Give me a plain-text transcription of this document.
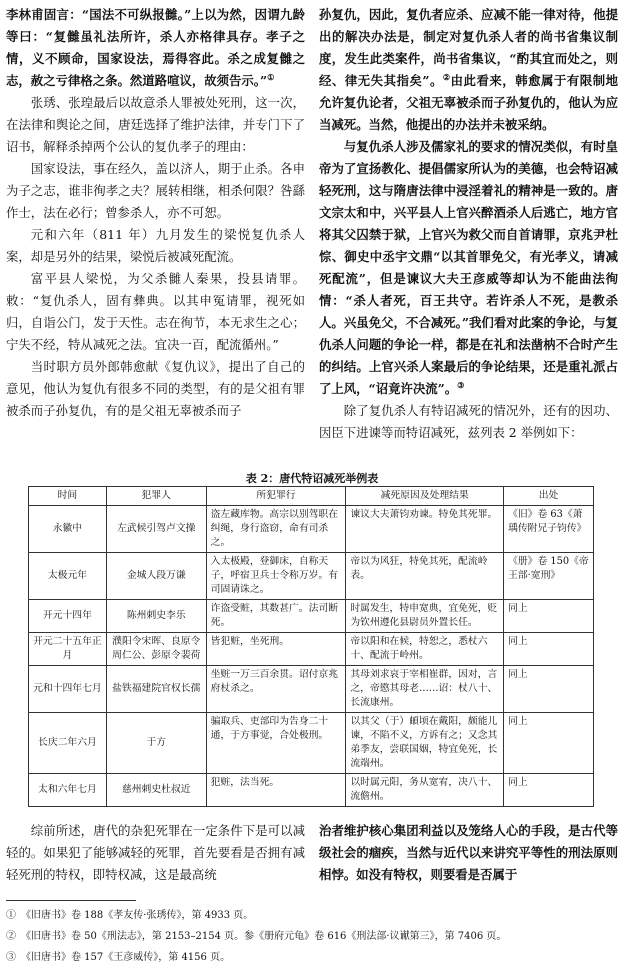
李林甫固言：“国法不可纵报雠。”上以为然，因谓九龄等曰：“复雠虽礼法所许，杀人亦格律具存。孝子之情，义不顾命，国家设法，焉得容此。杀之成复雠之志，赦之亏律格之条。然道路喧议，故须告示。”①

张琇、张瑝最后以故意杀人罪被处死刑，这一次，在法律和舆论之间，唐廷选择了维护法律，并专门下了诏书，解释杀掉两个公认的复仇孝子的理由：

国家设法，事在经久，盖以济人，期于止杀。各申为子之志，谁非徇孝之夫？展转相继，相杀何限？咎繇作士，法在必行；曾参杀人，亦不可恕。

元和六年（811 年）九月发生的梁悦复仇杀人案，却是另外的结果，梁悦后被减死配流。

富平县人梁悦，为父杀雠人秦果，投县请罪。敕：“复仇杀人，固有彝典。以其申冤请罪，视死如归，自诣公门，发于天性。志在徇节，本无求生之心；宁失不经，特从减死之法。宜决一百，配流循州。”

当时职方员外郎韩愈献《复仇议》，提出了自己的意见，他认为复仇有很多不同的类型，有的是父祖有罪被杀而子孙复仇，有的是父祖无辜被杀而子

孙复仇，因此，复仇者应杀、应减不能一律对待，他提出的解决办法是，制定对复仇杀人者的尚书省集议制度，发生此类案件，尚书省集议，“酌其宜而处之，则经、律无失其指矣”。②由此看来，韩愈属于有限制地允许复仇论者，父祖无辜被杀而子孙复仇的，他认为应当减死。当然，他提出的办法并未被采纳。

与复仇杀人涉及儒家礼的要求的情况类似，有时皇帝为了宣扬教化、提倡儒家所认为的美德，也会特诏减轻死刑，这与隋唐法律中浸淫着礼的精神是一致的。唐文宗太和中，兴平县人上官兴醉酒杀人后逃亡，地方官将其父囚禁于狱，上官兴为救父而自首请罪，京兆尹杜悰、御史中丞宇文鼎“以其首罪免父，有光孝义，请减死配流”，但是谏议大夫王彦威等却认为不能曲法徇情：“杀人者死，百王共守。若许杀人不死，是教杀人。兴虽免父，不合减死。”我们看对此案的争论，与复仇杀人问题的争论一样，都是在礼和法凿枘不合时产生的纠结。上官兴杀人案最后的争论结果，还是重礼派占了上风，“诏竟许决流”。③

除了复仇杀人有特诏减死的情况外，还有的因功、因臣下进谏等而特诏减死，兹列表 2 举例如下：

表 2：唐代特诏减死举例表
时间	犯罪人	所犯罪行	减死原因及处理结果	出处
永徽中	左武候引驾卢文操	盗左藏库物。高宗以别驾职在纠绳，身行盗窃，命有司杀之。	谏议大夫萧钧劝谏。特免其死罪。	《旧》卷 63《萧瑀传附兄子钧传》
太极元年	金城人段万谦	入太极殿，登御床，自称天子，呼宿卫兵士令称万岁。有司固请诛之。	帝以为风狂，特免其死，配流岭表。	《册》卷 150《帝王部·宽刑》
开元十四年	陈州刺史李乐	诈盗受赃，其数甚广。法司断死。	时属发生，特申宽典，宜免死，贬为钦州遵化县尉员外置长任。	同上
开元二十五年正月	濮阳令宋晖、良原令周仁公、彭原令裴荷	皆犯赃，坐死刑。	帝以阳和在候，特恕之，悉杖六十、配流于岭州。	同上
元和十四年七月	盐铁福建院官权长孺	坐赃一万三百余贯。诏付京兆府杖杀之。	其母刘求哀于宰相崔群，因对，言之，帝愍其母老……诏：杖八十、长流康州。	同上
长庆二年六月	于方	骗取兵、吏部印为告身二十通，于方事觉，合处极刑。	以其父（于）頔顷在戴阳，颇能儿谏，不陷不义，方诉有之；又念其弟季友，尝联国姻，特宜免死，长流端州。	同上
太和六年七月	慈州刺史杜叔近	犯赃，法当死。	以时属元阳，务从宽宥，决八十、流儋州。	同上
综前所述，唐代的杂犯死罪在一定条件下是可以减轻的。如果犯了能够减轻的死罪，首先要看是否拥有减轻死刑的特权，即特权减，这是最高统
治者维护核心集团利益以及笼络人心的手段，是古代等级社会的痼疾，当然与近代以来讲究平等性的刑法原则相悖。如没有特权，则要看是否属于
①　《旧唐书》卷 188《孝友传·张琇传》，第 4933 页。
②　《旧唐书》卷 50《刑法志》，第 2153–2154 页。参《册府元龟》卷 616《刑法部·议谳第三》，第 7406 页。
③　《旧唐书》卷 157《王彦威传》，第 4156 页。
